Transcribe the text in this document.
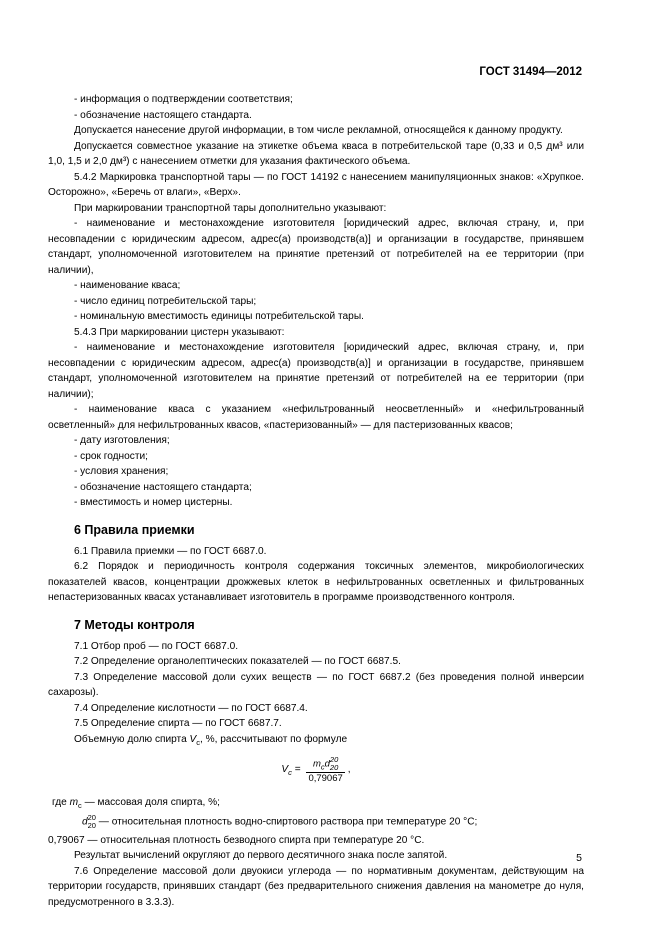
ГОСТ 31494—2012

- информация о подтверждении соответствия;

- обозначение настоящего стандарта.

Допускается нанесение другой информации, в том числе рекламной, относящейся к данному продукту.

Допускается совместное указание на этикетке объема кваса в потребительской таре (0,33 и 0,5 дм³ или 1,0, 1,5 и 2,0 дм³) с нанесением отметки для указания фактического объема.

5.4.2 Маркировка транспортной тары — по ГОСТ 14192 с нанесением манипуляционных знаков: «Хрупкое. Осторожно», «Беречь от влаги», «Верх».

При маркировании транспортной тары дополнительно указывают:

- наименование и местонахождение изготовителя [юридический адрес, включая страну, и, при несовпадении с юридическим адресом, адрес(а) производств(а)] и организации в государстве, принявшем стандарт, уполномоченной изготовителем на принятие претензий от потребителей на ее территории (при наличии),

- наименование кваса;

- число единиц потребительской тары;

- номинальную вместимость единицы потребительской тары.

5.4.3 При маркировании цистерн указывают:

- наименование и местонахождение изготовителя [юридический адрес, включая страну, и, при несовпадении с юридическим адресом, адрес(а) производств(а)] и организации в государстве, принявшем стандарт, уполномоченной изготовителем на принятие претензий от потребителей на ее территории (при наличии);

- наименование кваса с указанием «нефильтрованный неосветленный» и «нефильтрованный осветленный» для нефильтрованных квасов, «пастеризованный» — для пастеризованных квасов;

- дату изготовления;

- срок годности;

- условия хранения;

- обозначение настоящего стандарта;

- вместимость и номер цистерны.

6 Правила приемки

6.1 Правила приемки — по ГОСТ 6687.0.

6.2 Порядок и периодичность контроля содержания токсичных элементов, микробиологических показателей квасов, концентрации дрожжевых клеток в нефильтрованных осветленных и фильтрованных непастеризованных квасах устанавливает изготовитель в программе производственного контроля.

7 Методы контроля

7.1 Отбор проб — по ГОСТ 6687.0.

7.2 Определение органолептических показателей — по ГОСТ 6687.5.

7.3 Определение массовой доли сухих веществ — по ГОСТ 6687.2 (без проведения полной инверсии сахарозы).

7.4 Определение кислотности — по ГОСТ 6687.4.

7.5 Определение спирта — по ГОСТ 6687.7.

Объемную долю спирта $V_c$, %, рассчитывают по формуле

$V_c = m_cd$ 20
20
0,79067 ,

где $m_c$ — массовая доля спирта, %;

d 20
20 — относительная плотность водно-спиртового раствора при температуре 20 °С;

0,79067 — относительная плотность безводного спирта при температуре 20 °С.

Результат вычислений округляют до первого десятичного знака после запятой.

7.6 Определение массовой доли двуокиси углерода — по нормативным документам, действующим на территории государств, принявших стандарт (без предварительного снижения давления на манометре до нуля, предусмотренного в 3.3.3).

5
